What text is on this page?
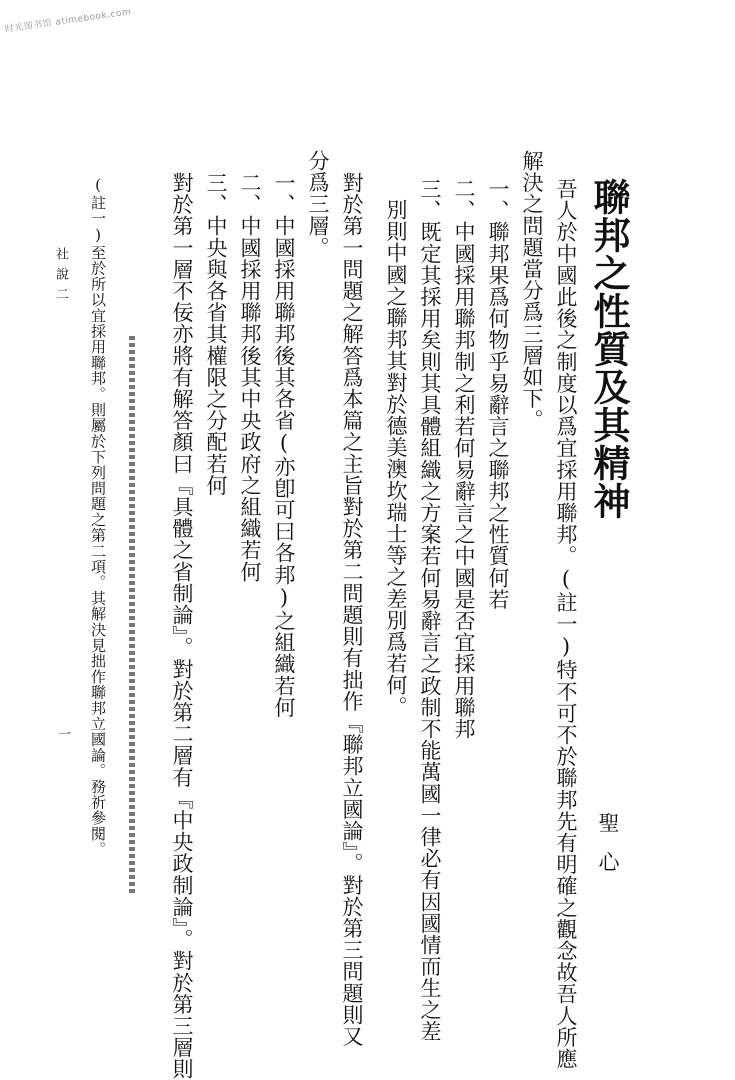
时光图书馆 atimebook.com
聯邦之性質及其精神
聖心
吾人於中國此後之制度以爲宜採用聯邦。(註一)特不可不於聯邦先有明確之觀念故吾人所應
解決之問題當分爲三層如下。
一、聯邦果爲何物乎易辭言之聯邦之性質何若
二、中國採用聯邦制之利若何易辭言之中國是否宜採用聯邦
三、既定其採用矣則其具體組織之方案若何易辭言之政制不能萬國一律必有因國情而生之差
別則中國之聯邦其對於德美澳坎瑞士等之差別爲若何。
對於第一問題之解答爲本篇之主旨對於第二問題則有拙作『聯邦立國論』。對於第三問題則又
分爲三層。
一、中國採用聯邦後其各省(亦卽可曰各邦)之組織若何
二、中國採用聯邦後其中央政府之組織若何
三、中央與各省其權限之分配若何
對於第一層不佞亦將有解答顏曰『具體之省制論』。對於第二層有『中央政制論』。對於第三層則
(註一)至於所以宜採用聯邦。則屬於下列問題之第二項。其解決見拙作聯邦立國論。務祈參閱。
社說二
一
